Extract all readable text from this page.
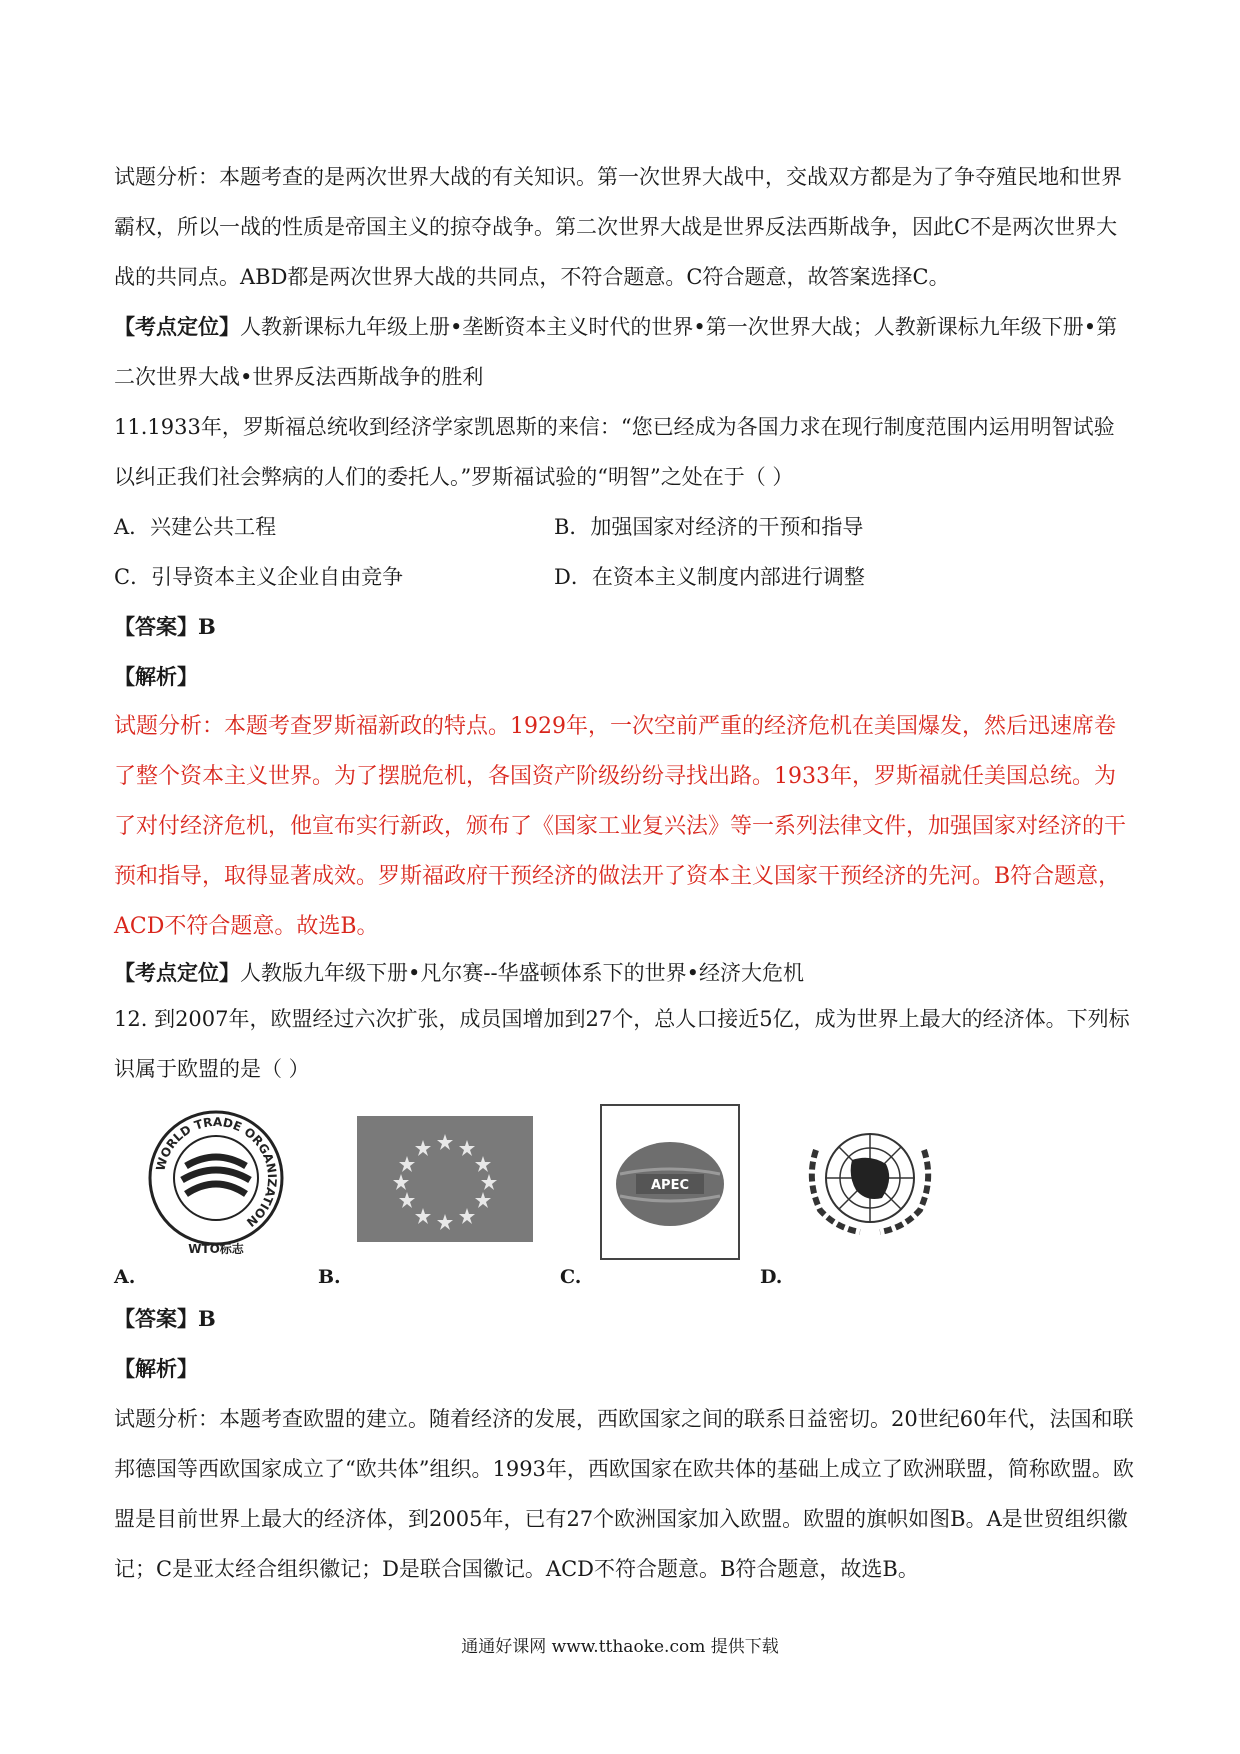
试题分析：本题考查的是两次世界大战的有关知识。第一次世界大战中，交战双方都是为了争夺殖民地和世界霸权，所以一战的性质是帝国主义的掠夺战争。第二次世界大战是世界反法西斯战争，因此C不是两次世界大战的共同点。ABD都是两次世界大战的共同点，不符合题意。C符合题意，故答案选择C。

【考点定位】人教新课标九年级上册•垄断资本主义时代的世界•第一次世界大战；人教新课标九年级下册•第二次世界大战•世界反法西斯战争的胜利

11.1933年，罗斯福总统收到经济学家凯恩斯的来信：“您已经成为各国力求在现行制度范围内运用明智试验以纠正我们社会弊病的人们的委托人。”罗斯福试验的“明智”之处在于（ ）

A．兴建公共工程	B．加强国家对经济的干预和指导
C．引导资本主义企业自由竞争	D．在资本主义制度内部进行调整

【答案】B

【解析】

试题分析：本题考查罗斯福新政的特点。1929年，一次空前严重的经济危机在美国爆发，然后迅速席卷了整个资本主义世界。为了摆脱危机，各国资产阶级纷纷寻找出路。1933年，罗斯福就任美国总统。为了对付经济危机，他宣布实行新政，颁布了《国家工业复兴法》等一系列法律文件，加强国家对经济的干预和指导，取得显著成效。罗斯福政府干预经济的做法开了资本主义国家干预经济的先河。B符合题意，ACD不符合题意。故选B。

【考点定位】人教版九年级下册•凡尔赛--华盛顿体系下的世界•经济大危机

12. 到2007年，欧盟经过六次扩张，成员国增加到27个，总人口接近5亿，成为世界上最大的经济体。下列标识属于欧盟的是（ ）

A.
WORLD TRADE ORGANIZATION
WTO标志
B.	C.
APEC
D.

【答案】B

【解析】

试题分析：本题考查欧盟的建立。随着经济的发展，西欧国家之间的联系日益密切。20世纪60年代，法国和联邦德国等西欧国家成立了“欧共体”组织。1993年，西欧国家在欧共体的基础上成立了欧洲联盟，简称欧盟。欧盟是目前世界上最大的经济体，到2005年，已有27个欧洲国家加入欧盟。欧盟的旗帜如图B。A是世贸组织徽记；C是亚太经合组织徽记；D是联合国徽记。ACD不符合题意。B符合题意，故选B。

通通好课网 www.tthaoke.com 提供下载
